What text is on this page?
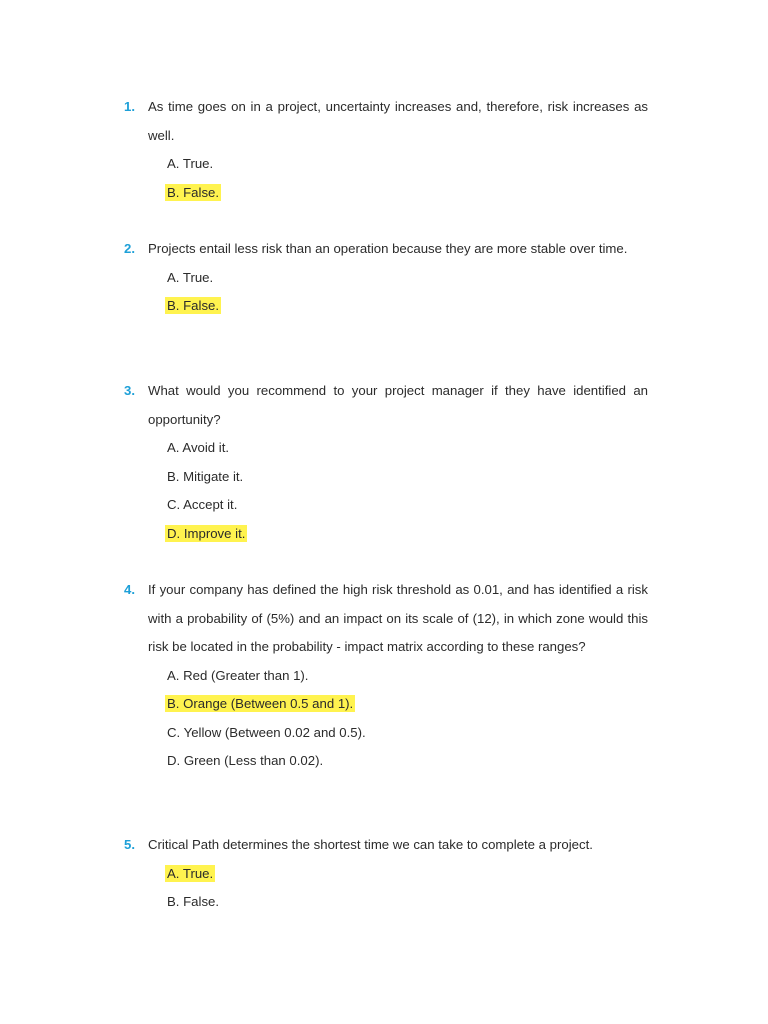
1. As time goes on in a project, uncertainty increases and, therefore, risk increases as well.
A. True.
B. False.
2. Projects entail less risk than an operation because they are more stable over time.
A. True.
B. False.
3. What would you recommend to your project manager if they have identified an opportunity?
A. Avoid it.
B. Mitigate it.
C. Accept it.
D. Improve it.
4. If your company has defined the high risk threshold as 0.01, and has identified a risk with a probability of (5%) and an impact on its scale of (12), in which zone would this risk be located in the probability - impact matrix according to these ranges?
A. Red (Greater than 1).
B. Orange (Between 0.5 and 1).
C. Yellow (Between 0.02 and 0.5).
D. Green (Less than 0.02).
5. Critical Path determines the shortest time we can take to complete a project.
A. True.
B. False.
